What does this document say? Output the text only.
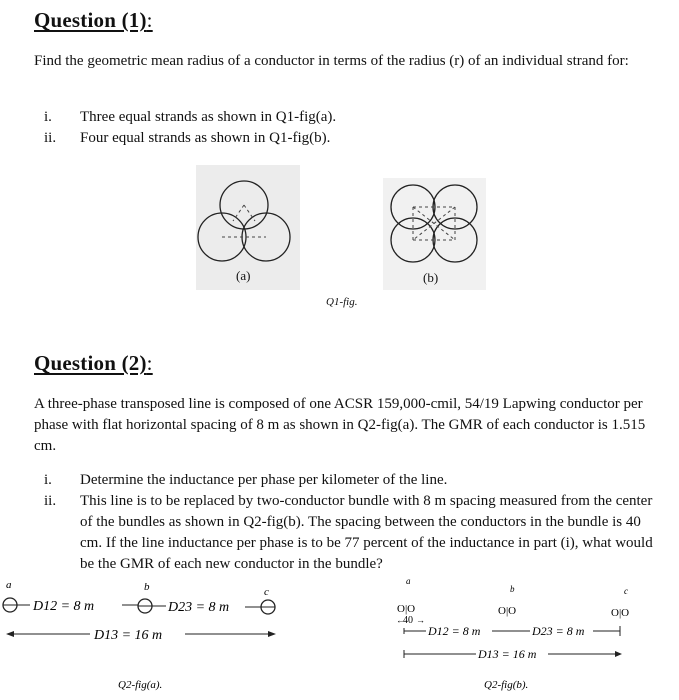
Question (1):
Find the geometric mean radius of a conductor in terms of the radius (r) of an individual strand for:
i.	Three equal strands as shown in Q1-fig(a).
ii.	Four equal strands as shown in Q1-fig(b).
(a)	(b)
Q1-fig.
Question (2):
A three-phase transposed line is composed of one ACSR 159,000-cmil, 54/19 Lapwing conductor per phase with flat horizontal spacing of 8 m as shown in Q2-fig(a). The GMR of each conductor is 1.515 cm.
i.	Determine the inductance per phase per kilometer of the line.
ii.	This line is to be replaced by two-conductor bundle with 8 m spacing measured from the center of the bundles as shown in Q2-fig(b). The spacing between the conductors in the bundle is 40 cm. If the line inductance per phase is to be 77 percent of the inductance in part (i), what would be the GMR of each new conductor in the bundle?
a	b	c
D12 = 8 m	D23 = 8 m
D13 = 16 m
Q2-fig(a).
a
b	c
O|O	O|O	O|O
←
40 →
D12 = 8 m	D23 = 8 m
D13 = 16 m
Q2-fig(b).
